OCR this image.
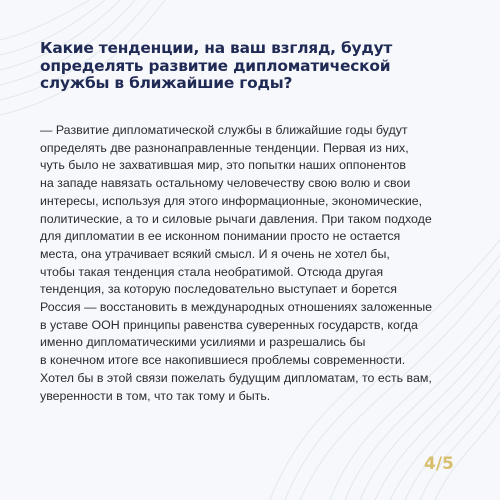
Какие тенденции, на ваш взгляд, будут определять развитие дипломатической службы в ближайшие годы?

— Развитие дипломатической службы в ближайшие годы будут
определять две разнонаправленные тенденции. Первая из них,
чуть было не захватившая мир, это попытки наших оппонентов
на западе навязать остальному человечеству свою волю и свои
интересы, используя для этого информационные, экономические,
политические, а то и силовые рычаги давления. При таком подходе
для дипломатии в ее исконном понимании просто не остается
места, она утрачивает всякий смысл. И я очень не хотел бы,
чтобы такая тенденция стала необратимой. Отсюда другая
тенденция, за которую последовательно выступает и борется
Россия — восстановить в международных отношениях заложенные
в уставе ООН принципы равенства суверенных государств, когда
именно дипломатическими усилиями и разрешались бы
в конечном итоге все накопившиеся проблемы современности.
Хотел бы в этой связи пожелать будущим дипломатам, то есть вам,
уверенности в том, что так тому и быть.

4/5
